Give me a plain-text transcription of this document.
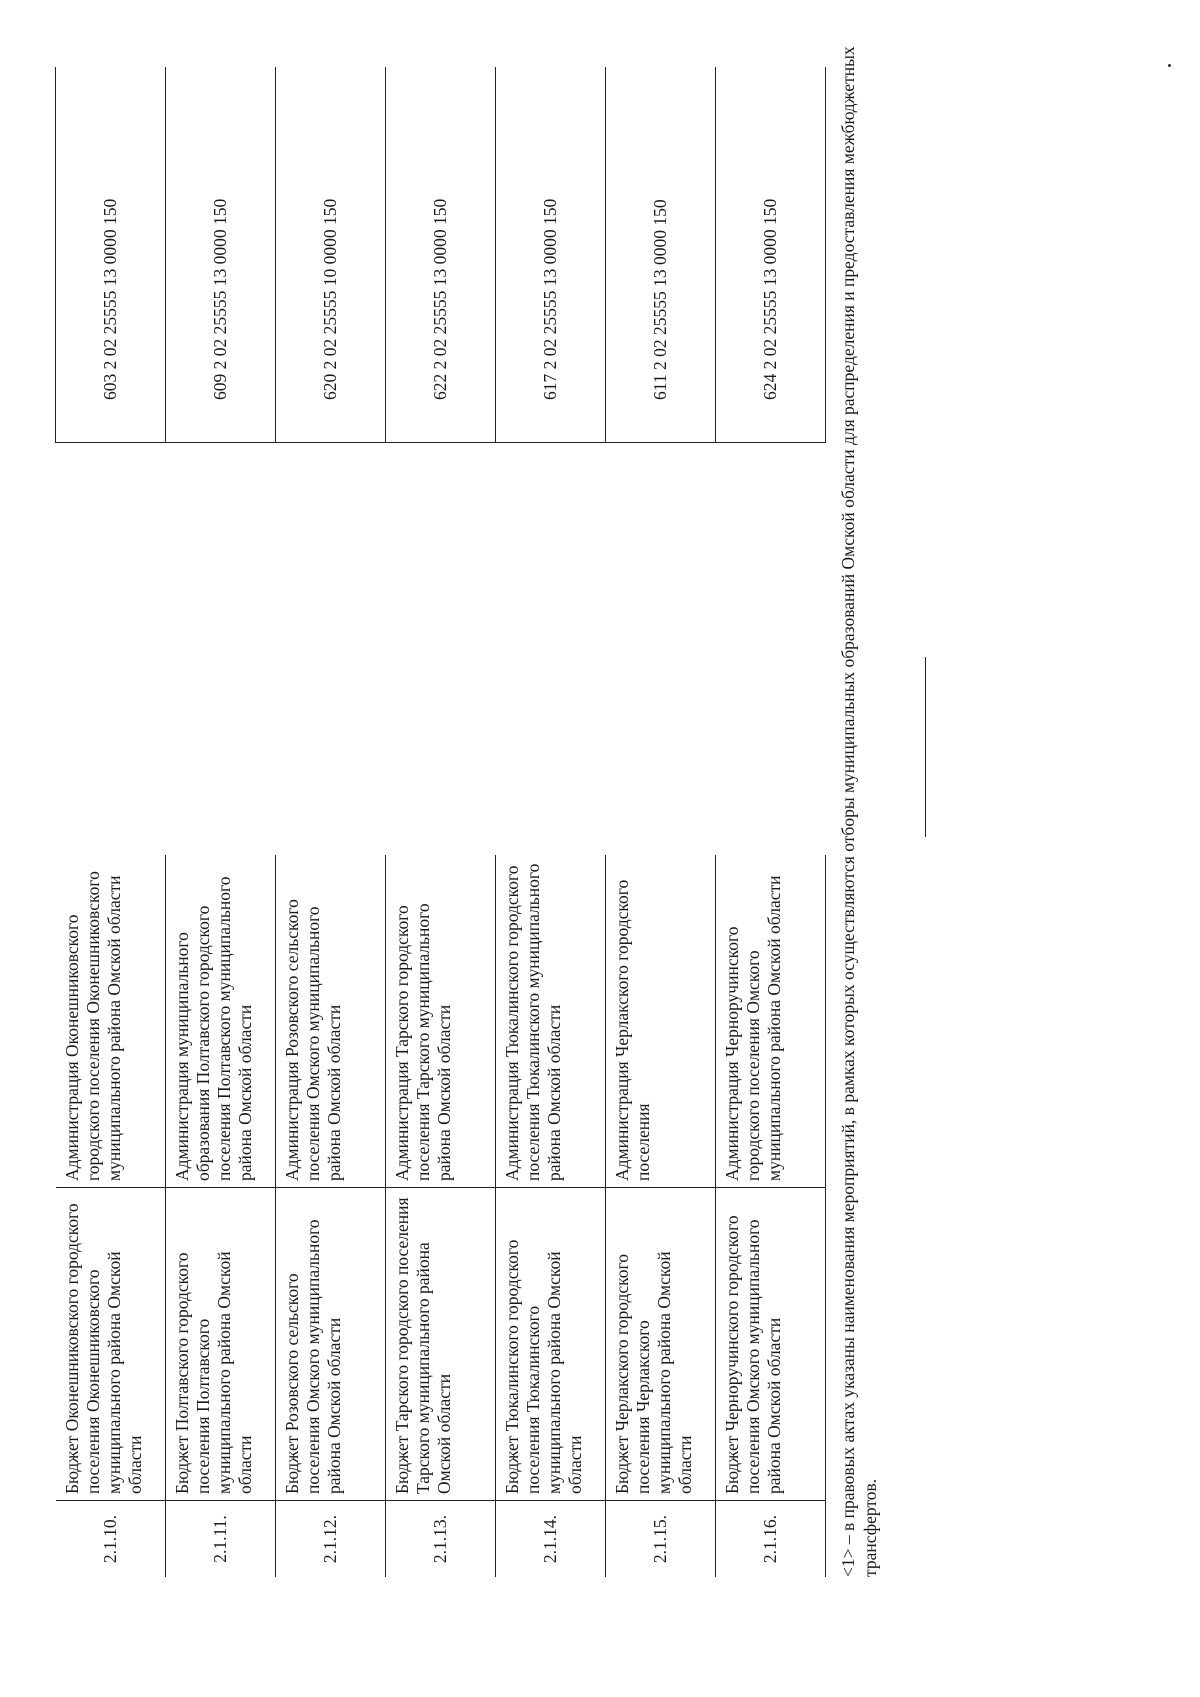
2.1.10.	Бюджет Оконешниковского городского поселения Оконешниковского муниципального района Омской области	Администрация Оконешниковского городского поселения Оконешниковского муниципального района Омской области		603 2 02 25555 13 0000 150
2.1.11.	Бюджет Полтавского городского поселения Полтавского муниципального района Омской области	Администрация муниципального образования Полтавского городского поселения Полтавского муниципального района Омской области		609 2 02 25555 13 0000 150
2.1.12.	Бюджет Розовского сельского поселения Омского муниципального района Омской области	Администрация Розовского сельского поселения Омского муниципального района Омской области		620 2 02 25555 10 0000 150
2.1.13.	Бюджет Тарского городского поселения Тарского муниципального района Омской области	Администрация Тарского городского поселения Тарского муниципального района Омской области		622 2 02 25555 13 0000 150
2.1.14.	Бюджет Тюкалинского городского поселения Тюкалинского муниципального района Омской области	Администрация Тюкалинского городского поселения Тюкалинского муниципального района Омской области		617 2 02 25555 13 0000 150
2.1.15.	Бюджет Черлакского городского поселения Черлакского муниципального района Омской области	Администрация Черлакского городского поселения		611 2 02 25555 13 0000 150
2.1.16.	Бюджет Черноручинского городского поселения Омского муниципального района Омской области	Администрация Черноручинского городского поселения Омского муниципального района Омской области		624 2 02 25555 13 0000 150	<1> – в правовых актах указаны наименования мероприятий, в рамках которых осуществляются отборы муниципальных образований Омской области для распределения и предоставления межбюджетных трансфертов.
